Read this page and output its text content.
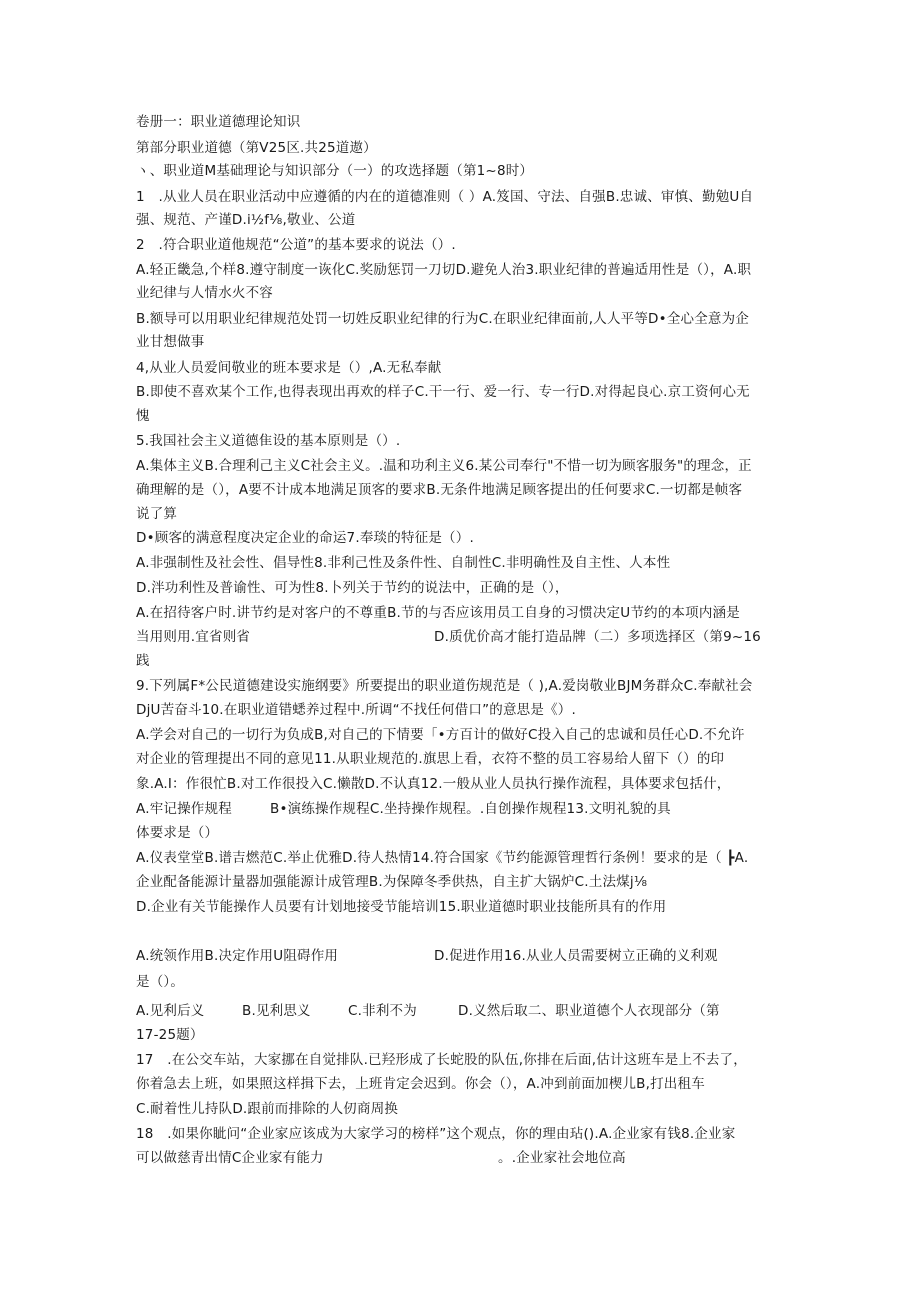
卷册一：职业道德理论知识
第部分职业道德（第V25区.共25道遨）
ヽ、职业道M基础理论与知识部分（一）的攻选择题（第1~8时）
1　.从业人员在职业活动中应遵循的内在的道德准则（ ）A.笈国、守法、自强B.忠诚、审慎、勤勉U自
强、规范、产谨D.i½f⅛,敬业、公道
2　.符合职业道他规范“公道”的基本要求的说法（）.
A.轻正畿急,个样8.遵守制度一诙化C.奖励惩罚一刀切D.避免人治3.职业纪律的普遍适用性是（），A.职
业纪律与人情水火不容
B.额导可以用职业纪律规范处罚一切姓反职业纪律的行为C.在职业纪律面前,人人平等D•全心全意为企
业甘想做事
4,从业人员爱间敬业的班本要求是（）,A.无私奉献
B.即使不喜欢某个工作,也得表现出再欢的样子C.干一行、爱一行、专一行D.对得起良心.京工资何心无
愧
5.我国社会主义道德隹设的基本原则是（）.
A.集体主义B.合理利己主义C社会主义。.温和功利主义6.某公司奉行"不惜一切为顾客服务"的理念，正
确理解的是（），A要不计成本地满足顶客的要求B.无条件地满足顾客提出的任何要求C.一切都是帧客
说了算
D•顾客的满意程度决定企业的命运7.奉琰的特征是（）.
A.非强制性及社会性、倡导性8.非利己性及条件性、自制性C.非明确性及自主性、人本性
D.泮功利性及普谕性、可为性8.卜列关于节约的说法中，正确的是（），
A.在招待客户时.讲节约是对客户的不尊重B.节的与否应该用员工自身的习惯决定U节约的本项内涵是
当用则用.宜省则省	D.质优价高才能打造品牌（二）多项选择区（第9~16
践
9.下列属F*公民道德建设实施纲要》所要提出的职业道伤规范是（ ),A.爱岗敬业BJM务群众C.奉献社会
DjU苦奋斗10.在职业道错蟋养过程中.所调“不找任何借口”的意思是《）.
A.学会对自己的一切行为负成B,对自己的下情要「•方百计的做好C投入自己的忠诚和员任心D.不允许
对企业的管理提出不同的意见11.从职业规范的.旗思上看，衣符不整的员工容易给人留下（）的印
象.A.I：作很忙B.对工作很投入C.懒散D.不认真12.一般从业人员执行操作流程，具体要求包括什，
A.牢记操作规程	B•演练操作规程C.坐持操作规程。.自创操作规程13.文明礼貌的具
体要求是（）
A.仪表堂堂B.谱吉燃范C.举止优雅D.待人热情14.符合国家《节约能源管理哲行条例！要求的是（ ┣A.
企业配备能源计量器加强能源计成管理B.为保障冬季供热，自主扩大锅炉C.土法煤j⅛
D.企业有关节能操作人员要有计划地接受节能培训15.职业道德时职业技能所具有的作用
A.统领作用B.决定作用U阻碍作用	D.促进作用16.从业人员需要树立正确的义利观
是（）。
A.见利后义	B.见利思义	C.非利不为	D.义然后取二、职业道德个人衣现部分（第
17-25题）
17　.在公交车站，大家挪在自觉排队.已羟形成了长蛇股的队伍,你排在后面,估计这班车是上不去了，
你着急去上班，如果照这样揖下去，上班肯定会迟到。你会（），A.冲到前面加楔儿B,打出租车
C.耐着性儿持队D.跟前而排除的人仞商周换
18　.如果你眦问“企业家应该成为大家学习的榜样”这个观点，你的理由玷().A.企业家有钱8.企业家
可以做慈青出情C企业家有能力	。.企业家社会地位高
